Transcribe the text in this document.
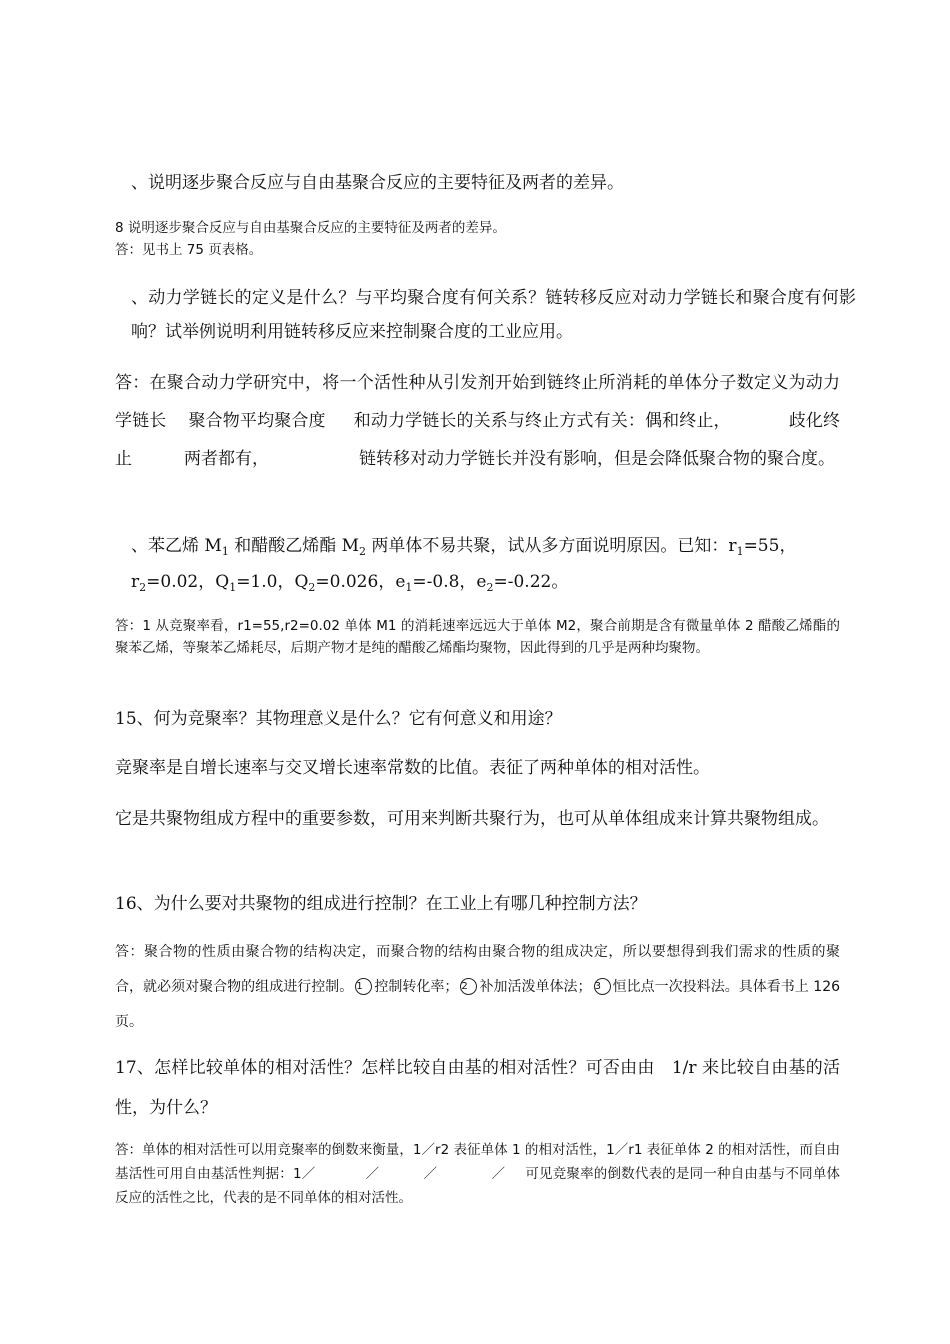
、说明逐步聚合反应与自由基聚合反应的主要特征及两者的差异。

8 说明逐步聚合反应与自由基聚合反应的主要特征及两者的差异。

答：见书上 75 页表格。

、动力学链长的定义是什么？与平均聚合度有何关系？链转移反应对动力学链长和聚合度有何影响？试举例说明利用链转移反应来控制聚合度的工业应用。

答：在聚合动力学研究中，将一个活性种从引发剂开始到链终止所消耗的单体分子数定义为动力学链长 聚合物平均聚合度 和动力学链长的关系与终止方式有关：偶和终止，	歧化终止	两者都有，	链转移对动力学链长并没有影响，但是会降低聚合物的聚合度。

、苯乙烯 $M_1$ 和醋酸乙烯酯 $M_2$ 两单体不易共聚，试从多方面说明原因。已知：$r_1=55$，$r_2=0.02$，$Q_1=1.0$，$Q_2=0.026$，$e_1=-0.8$，$e_2=-0.22$。

答：1 从竞聚率看，r1=55,r2=0.02 单体 M1 的消耗速率远远大于单体 M2，聚合前期是含有微量单体 2 醋酸乙烯酯的聚苯乙烯，等聚苯乙烯耗尽，后期产物才是纯的醋酸乙烯酯均聚物，因此得到的几乎是两种均聚物。

15、何为竞聚率？其物理意义是什么？它有何意义和用途？

竞聚率是自增长速率与交叉增长速率常数的比值。表征了两种单体的相对活性。

它是共聚物组成方程中的重要参数，可用来判断共聚行为，也可从单体组成来计算共聚物组成。

16、为什么要对共聚物的组成进行控制？在工业上有哪几种控制方法？

答：聚合物的性质由聚合物的结构决定，而聚合物的结构由聚合物的组成决定，所以要想得到我们需求的性质的聚合，就必须对聚合物的组成进行控制。 1 控制转化率； 2 补加活泼单体法； 3 恒比点一次投料法。具体看书上 126 页。

17、怎样比较单体的相对活性？怎样比较自由基的相对活性？可否由由　1/r 来比较自由基的活性，为什么？

答：单体的相对活性可以用竞聚率的倒数来衡量，1／r2 表征单体 1 的相对活性，1／r1 表征单体 2 的相对活性，而自由基活性可用自由基活性判据：1／	／	／	／ 可见竞聚率的倒数代表的是同一种自由基与不同单体反应的活性之比，代表的是不同单体的相对活性。
